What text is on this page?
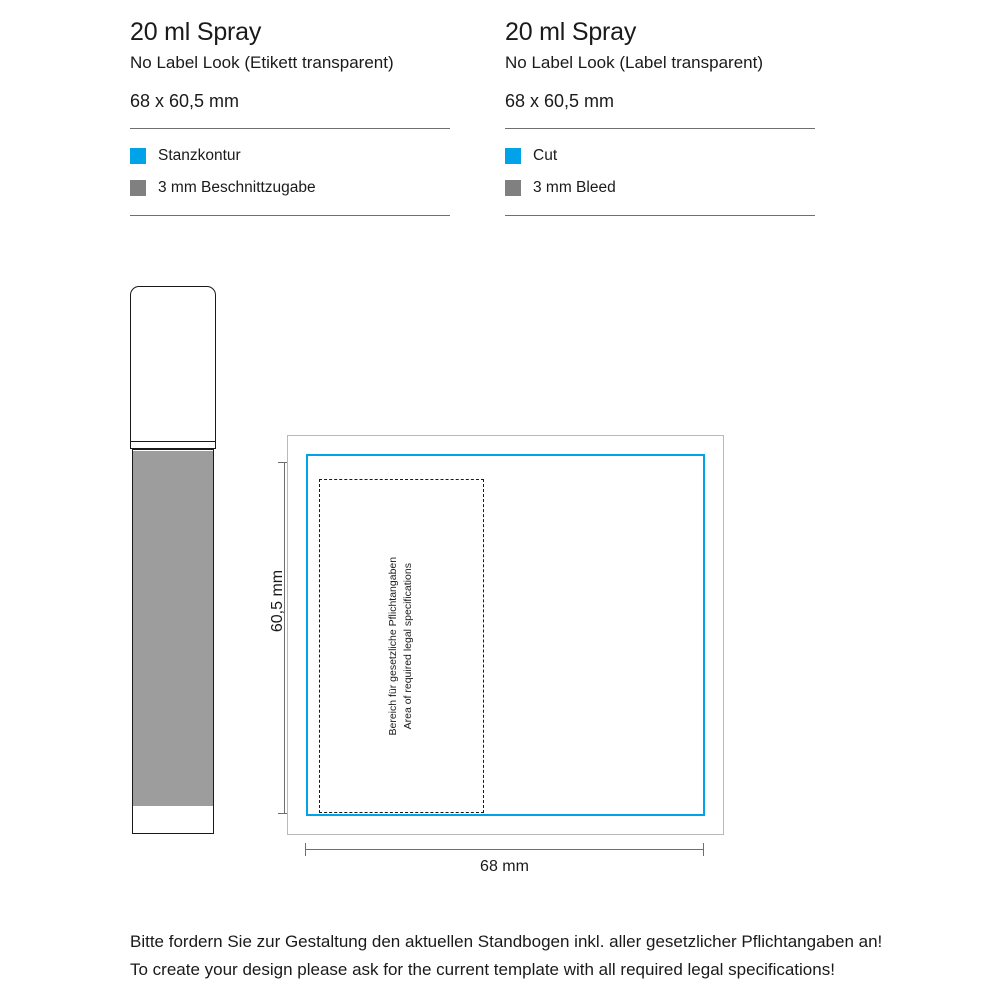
20 ml Spray
No Label Look (Etikett transparent)
68 x 60,5 mm
Stanzkontur
3 mm Beschnittzugabe
20 ml Spray
No Label Look (Label transparent)
68 x 60,5 mm
Cut
3 mm Bleed
60,5 mm	Bereich für gesetzliche Pflichtangaben Area of required legal specifications
68 mm
Bitte fordern Sie zur Gestaltung den aktuellen Standbogen inkl. aller gesetzlicher Pflichtangaben an!
To create your design please ask for the current template with all required legal specifications!
